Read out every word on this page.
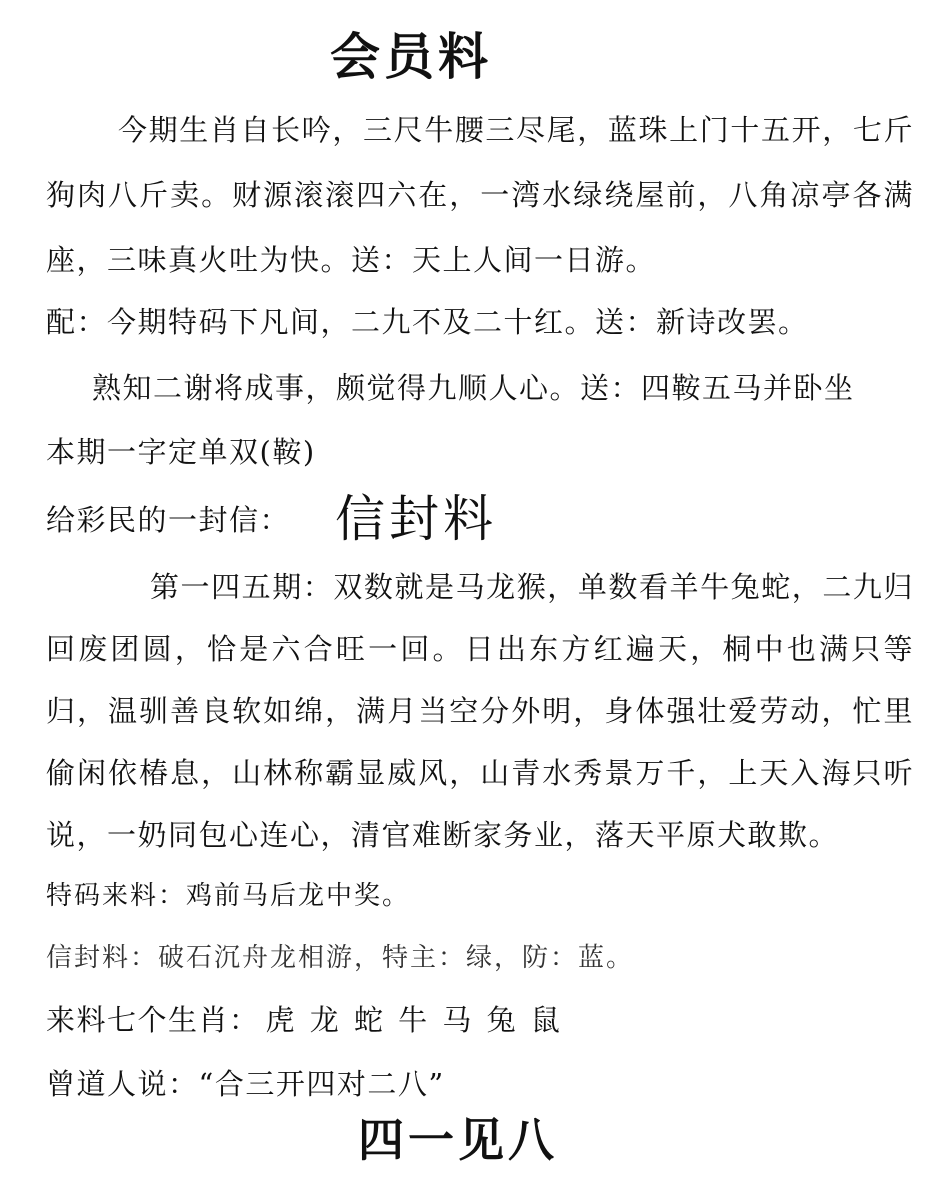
会员料

今期生肖自长吟，三尺牛腰三尽尾，蓝珠上门十五开，七斤狗肉八斤卖。财源滚滚四六在，一湾水绿绕屋前，八角凉亭各满座，三味真火吐为快。送：天上人间一日游。

配：今期特码下凡间，二九不及二十红。送：新诗改罢。
熟知二谢将成事，颇觉得九顺人心。送：四鞍五马并卧坐
本期一字定单双(鞍)
给彩民的一封信： 信封料

第一四五期：双数就是马龙猴，单数看羊牛兔蛇，二九归回废团圆，恰是六合旺一回。日出东方红遍天，桐中也满只等归，温驯善良软如绵，满月当空分外明，身体强壮爱劳动，忙里偷闲依椿息，山林称霸显威风，山青水秀景万千，上天入海只听说，一奶同包心连心，清官难断家务业，落天平原犬敢欺。

特码来料：鸡前马后龙中奖。
信封料：破石沉舟龙相游，特主：绿，防：蓝。
来料七个生肖： 虎 龙 蛇 牛 马 兔 鼠
曾道人说：“合三开四对二八”
四一见八
